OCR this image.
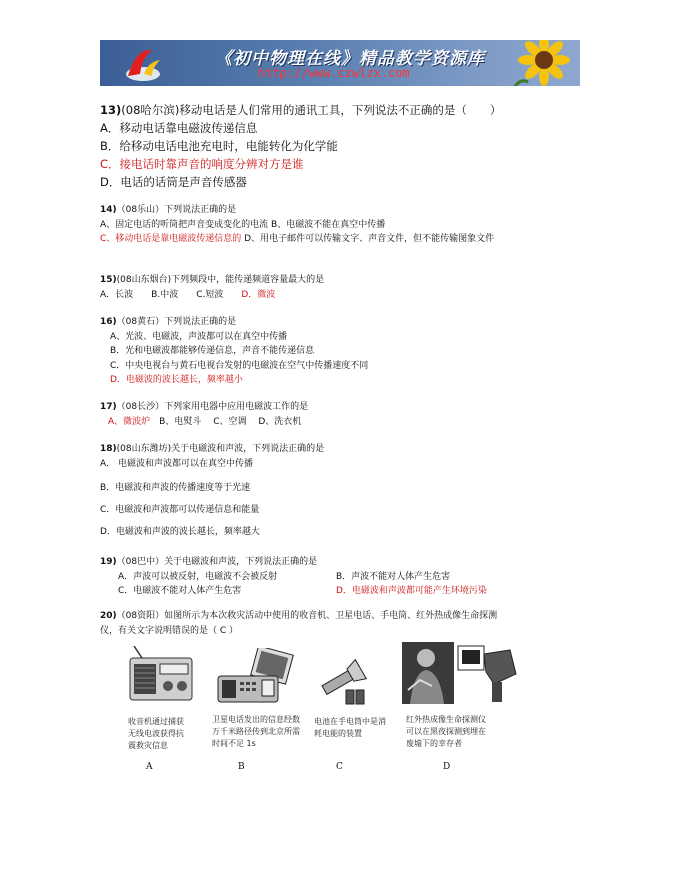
《初中物理在线》精品教学资源库
http://www.czwlzx.com
13)(08哈尔滨)移动电话是人们常用的通讯工具，下列说法不正确的是（　　）
A．移动电话靠电磁波传递信息
B．给移动电话电池充电时，电能转化为化学能
C．接电话时靠声音的响度分辨对方是谁
D．电话的话筒是声音传感器
14)（08乐山）下列说法正确的是
A、固定电话的听筒把声音变成变化的电流 B、电磁波不能在真空中传播
C、移动电话是靠电磁波传递信息的 D、用电子邮件可以传输文字、声音文件，但不能传输图象文件
15)(08山东烟台)下列频段中，能传递频道容量最大的是
A．长波　　B.中波　　C.短波　　D．微波
16)（08黄石）下列说法正确的是
A、光波、电磁波，声波都可以在真空中传播
B．光和电磁波都能够传递信息，声音不能传递信息
C．中央电视台与黄石电视台发射的电磁波在空气中传播速度不同
D．电磁波的波长越长，频率越小
17)（08长沙）下列家用电器中应用电磁波工作的是
A、微波炉　B、电熨斗　 C、空调　 D、洗衣机
18)(08山东潍坊)关于电磁波和声波，下列说法正确的是
A． 电磁波和声波都可以在真空中传播
B．电磁波和声波的传播速度等于光速
C．电磁波和声波都可以传递信息和能量
D．电磁波和声波的波长越长，频率越大
19)（08巴中）关于电磁波和声波，下列说法正确的是
A．声波可以被反射，电磁波不会被反射	B．声波不能对人体产生危害
C．电磁波不能对人体产生危害	D．电磁波和声波都可能产生环境污染
20)（08资阳）如图所示为本次救灾活动中使用的收音机、卫星电话、手电筒、红外热成像生命探测
仪，有关文字说明错误的是（ C ）
收音机通过捕获无线电波获得抗震救灾信息
卫星电话发出的信息经数万千米路径传到北京所需时间不足 1s
电池在手电筒中是消耗电能的装置
红外热成像生命探测仪可以在黑夜探测到埋在废墟下的幸存者
A	B	C	D
